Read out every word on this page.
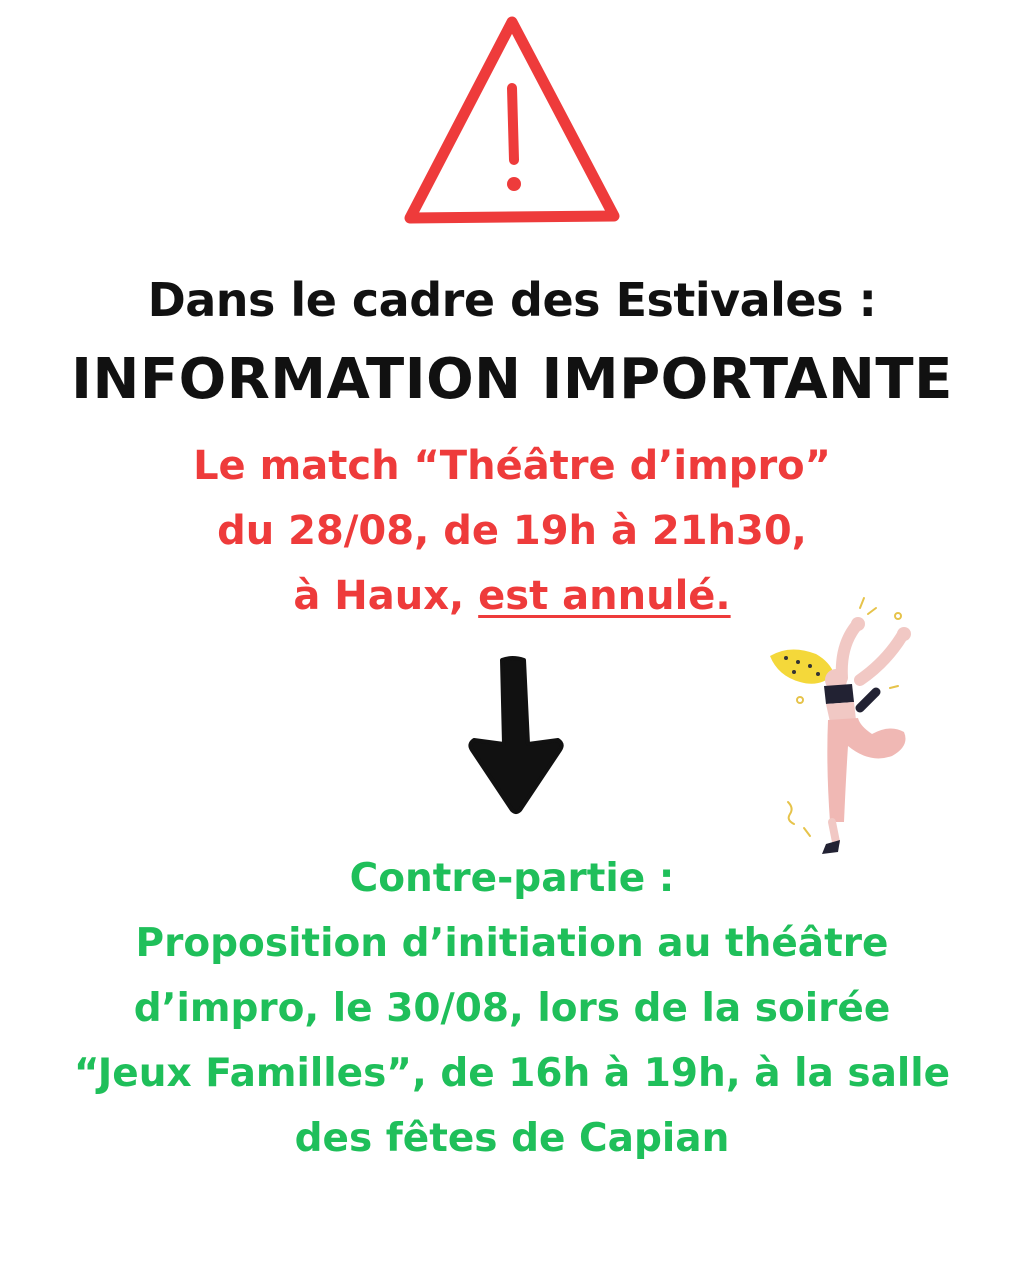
Dans le cadre des Estivales :
INFORMATION IMPORTANTE
Le match “Théâtre d’impro”
du 28/08, de 19h à 21h30,
à Haux, est annulé.
Contre-partie :
Proposition d’initiation au théâtre
d’impro, le 30/08, lors de la soirée
“Jeux Familles”, de 16h à 19h, à la salle
des fêtes de Capian
